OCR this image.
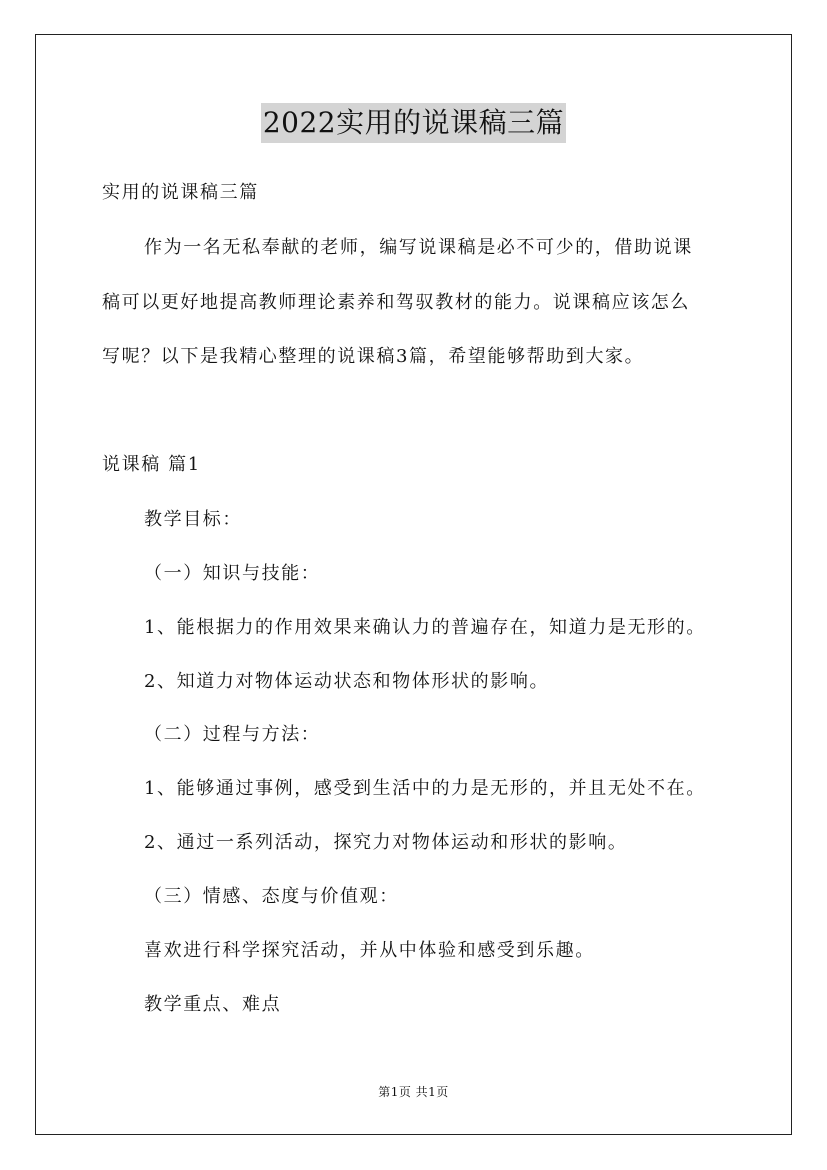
2022实用的说课稿三篇
实用的说课稿三篇
作为一名无私奉献的老师，编写说课稿是必不可少的，借助说课
稿可以更好地提高教师理论素养和驾驭教材的能力。说课稿应该怎么
写呢？以下是我精心整理的说课稿3篇，希望能够帮助到大家。
说课稿 篇1
教学目标：
（一）知识与技能：
1、能根据力的作用效果来确认力的普遍存在，知道力是无形的。
2、知道力对物体运动状态和物体形状的影响。
（二）过程与方法：
1、能够通过事例，感受到生活中的力是无形的，并且无处不在。
2、通过一系列活动，探究力对物体运动和形状的影响。
（三）情感、态度与价值观：
喜欢进行科学探究活动，并从中体验和感受到乐趣。
教学重点、难点
第1页 共1页
